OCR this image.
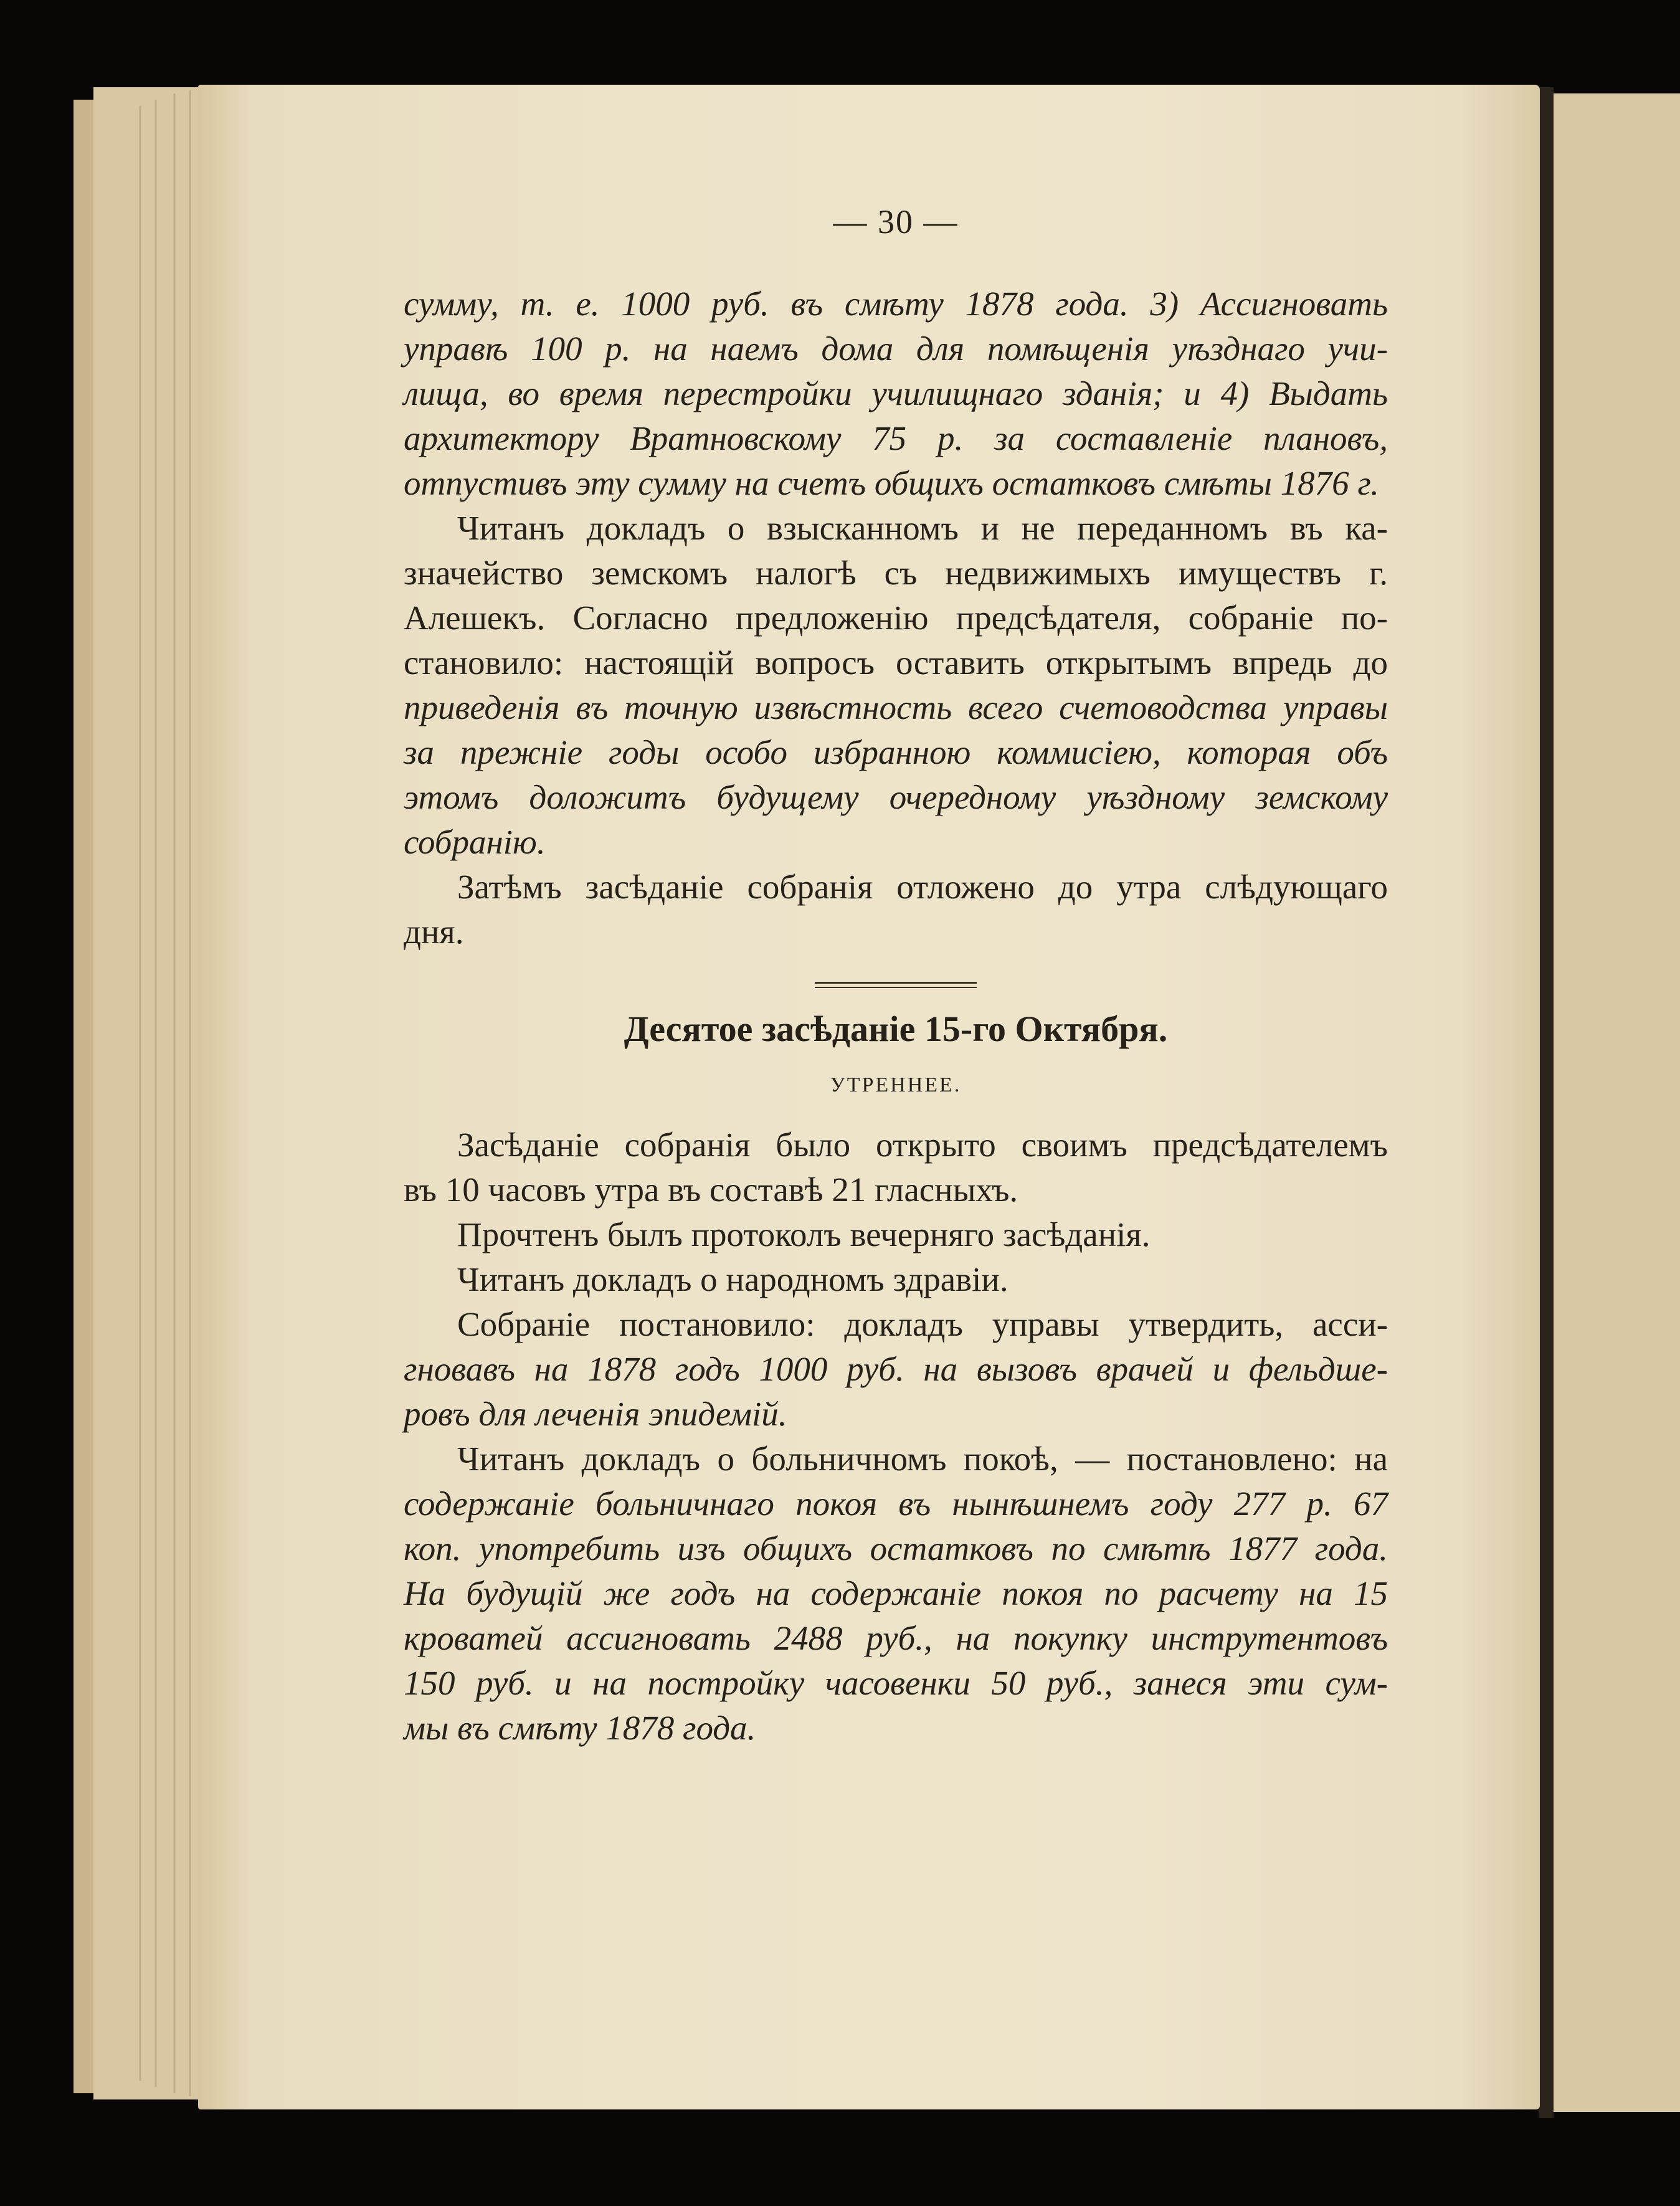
— 30 —

сумму, т. е. 1000 руб. въ смѣту 1878 года. 3) Ассигновать
управѣ 100 р. на наемъ дома для помѣщенія уѣзднаго учи-
лища, во время перестройки училищнаго зданія; и 4) Выдать
архитектору Вратновскому 75 р. за составленіе плановъ,
отпустивъ эту сумму на счетъ общихъ остатковъ смѣты 1876 г.

Читанъ докладъ о взысканномъ и не переданномъ въ ка-
значейство земскомъ налогѣ съ недвижимыхъ имуществъ г.
Алешекъ. Согласно предложенію предсѣдателя, собраніе по-
становило: настоящій вопросъ оставить открытымъ впредь до
приведенія въ точную извѣстность всего счетоводства управы
за прежніе годы особо избранною коммисіею, которая объ
этомъ доложитъ будущему очередному уѣздному земскому
собранію.

Затѣмъ засѣданіе собранія отложено до утра слѣдующаго
дня.

Десятое засѣданіе 15-го Октября.
УТРЕННЕЕ.

Засѣданіе собранія было открыто своимъ предсѣдателемъ
въ 10 часовъ утра въ составѣ 21 гласныхъ.

Прочтенъ былъ протоколъ вечерняго засѣданія.

Читанъ докладъ о народномъ здравіи.

Собраніе постановило: докладъ управы утвердить, асси-
гновавъ на 1878 годъ 1000 руб. на вызовъ врачей и фельдше-
ровъ для леченія эпидемій.

Читанъ докладъ о больничномъ покоѣ, — постановлено: на
содержаніе больничнаго покоя въ нынѣшнемъ году 277 р. 67
коп. употребить изъ общихъ остатковъ по смѣтѣ 1877 года.
На будущій же годъ на содержаніе покоя по расчету на 15
кроватей ассигновать 2488 руб., на покупку инструтентовъ
150 руб. и на постройку часовенки 50 руб., занеся эти сум-
мы въ смѣту 1878 года.
